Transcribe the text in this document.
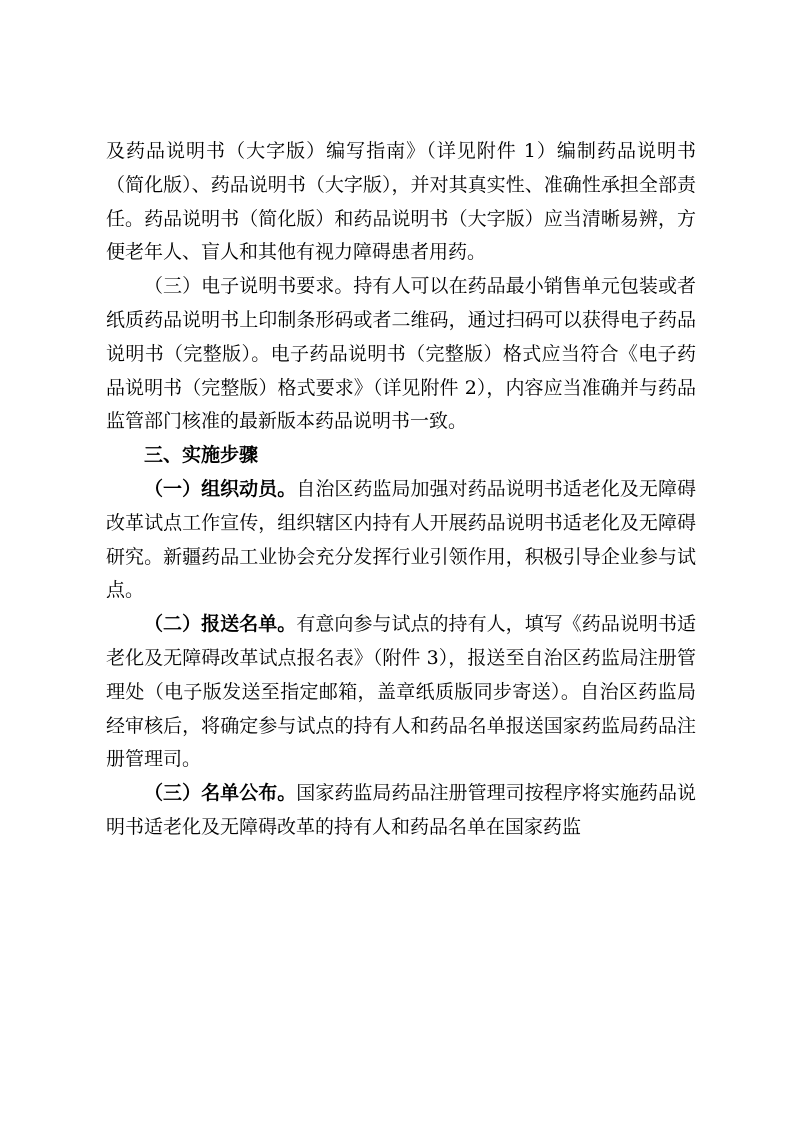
及药品说明书（大字版）编写指南》（详见附件 1）编制药品说明书（简化版）、药品说明书（大字版），并对其真实性、准确性承担全部责任。药品说明书（简化版）和药品说明书（大字版）应当清晰易辨，方便老年人、盲人和其他有视力障碍患者用药。

（三）电子说明书要求。持有人可以在药品最小销售单元包装或者纸质药品说明书上印制条形码或者二维码，通过扫码可以获得电子药品说明书（完整版）。电子药品说明书（完整版）格式应当符合《电子药品说明书（完整版）格式要求》（详见附件 2），内容应当准确并与药品监管部门核准的最新版本药品说明书一致。

三、实施步骤

（一）组织动员。自治区药监局加强对药品说明书适老化及无障碍改革试点工作宣传，组织辖区内持有人开展药品说明书适老化及无障碍研究。新疆药品工业协会充分发挥行业引领作用，积极引导企业参与试点。

（二）报送名单。有意向参与试点的持有人，填写《药品说明书适老化及无障碍改革试点报名表》（附件 3），报送至自治区药监局注册管理处（电子版发送至指定邮箱，盖章纸质版同步寄送）。自治区药监局经审核后，将确定参与试点的持有人和药品名单报送国家药监局药品注册管理司。

（三）名单公布。国家药监局药品注册管理司按程序将实施药品说明书适老化及无障碍改革的持有人和药品名单在国家药监
